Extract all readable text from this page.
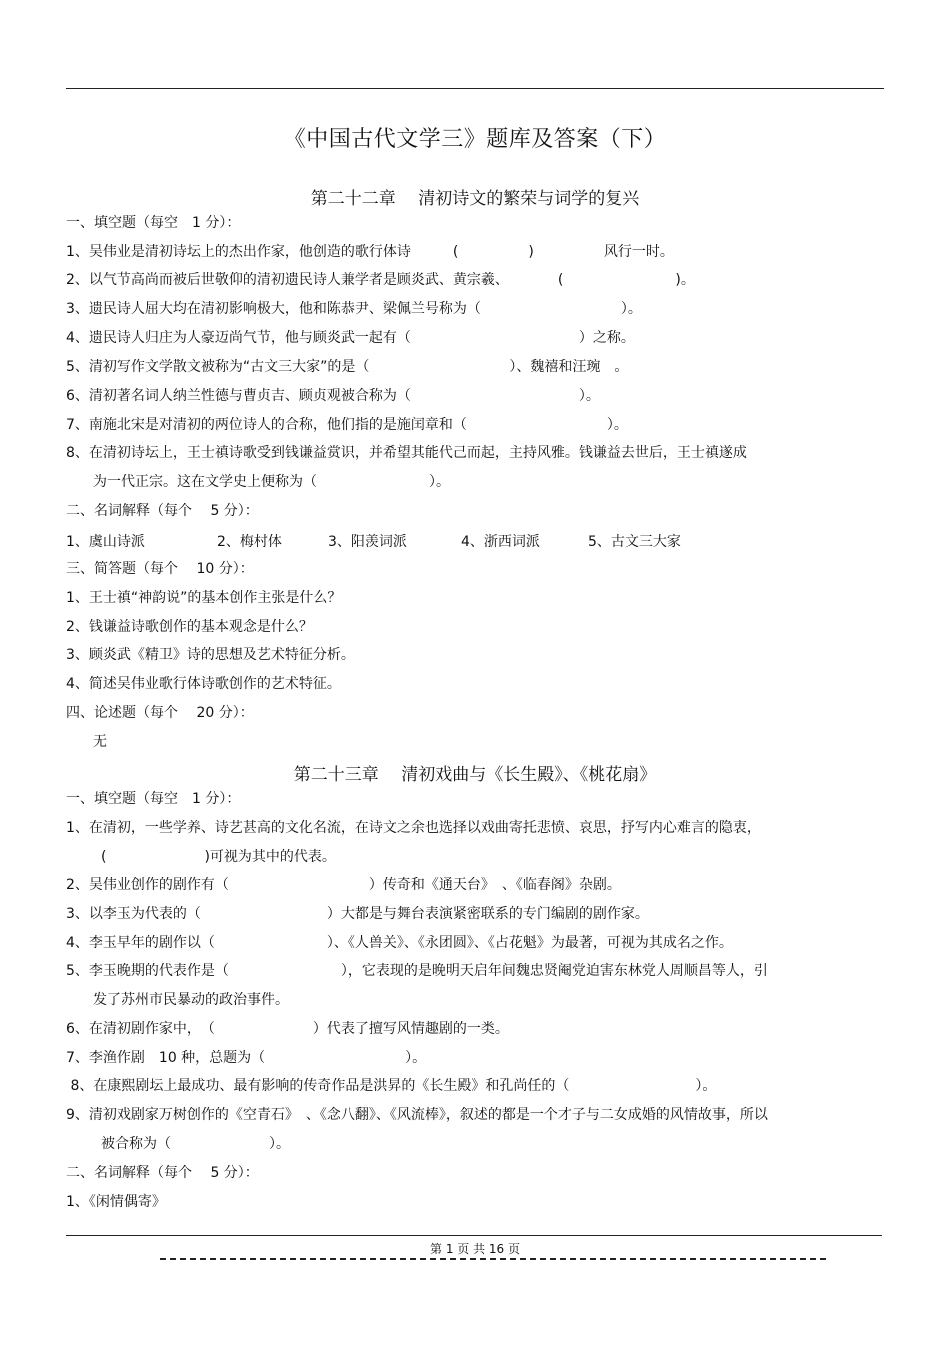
《中国古代文学三》题库及答案（下）
第二十二章　 清初诗文的繁荣与词学的复兴
一、填空题（每空　1 分）：
1、吴伟业是清初诗坛上的杰出作家，他创造的歌行体诗　　　(　　　　　)　　　　　风行一时。
2、以气节高尚而被后世敬仰的清初遗民诗人兼学者是顾炎武、黄宗羲、　　　　(　　　　　　　　)。
3、遗民诗人屈大均在清初影响极大，他和陈恭尹、梁佩兰号称为（　　　　　　　　　　）。
4、遗民诗人归庄为人豪迈尚气节，他与顾炎武一起有（　　　　　　　　　　　　）之称。
5、清初写作文学散文被称为“古文三大家”的是（　　　　　　　　　　）、魏禧和汪琬　。
6、清初著名词人纳兰性德与曹贞吉、顾贞观被合称为（　　　　　　　　　　　　）。
7、南施北宋是对清初的两位诗人的合称，他们指的是施闰章和（　　　　　　　　　　）。
8、在清初诗坛上，王士禛诗歌受到钱谦益赏识，并希望其能代己而起，主持风雅。钱谦益去世后，王士禛遂成
为一代正宗。这在文学史上便称为（　　　　　　　　）。
二、名词解释（每个　 5 分）：
1、虞山诗派	2、梅村体	3、阳羡词派	4、浙西词派	5、古文三大家
三、简答题（每个　 10 分）：
1、王士禛“神韵说”的基本创作主张是什么？
2、钱谦益诗歌创作的基本观念是什么？
3、顾炎武《精卫》诗的思想及艺术特征分析。
4、简述吴伟业歌行体诗歌创作的艺术特征。
四、论述题（每个　 20 分）：
无
第二十三章　 清初戏曲与《长生殿》、《桃花扇》
一、填空题（每空　1 分）：
1、在清初，一些学养、诗艺甚高的文化名流，在诗文之余也选择以戏曲寄托悲愤、哀思，抒写内心难言的隐衷，
(　　　　　　　)可视为其中的代表。
2、吴伟业创作的剧作有（　　　　　　　　　　）传奇和《通天台》　、《临春阁》杂剧。
3、以李玉为代表的（　　　　　　　　　）大都是与舞台表演紧密联系的专门编剧的剧作家。
4、李玉早年的剧作以（　　　　　　　　）、《人兽关》、《永团圆》、《占花魁》为最著，可视为其成名之作。
5、李玉晚期的代表作是（　　　　　　　　），它表现的是晚明天启年间魏忠贤阉党迫害东林党人周顺昌等人，引
发了苏州市民暴动的政治事件。
6、在清初剧作家中，　（　　　　　　　）代表了擅写风情趣剧的一类。
7、李渔作剧　10 种，总题为（　　　　　　　　　　）。
8、在康熙剧坛上最成功、最有影响的传奇作品是洪昇的《长生殿》和孔尚任的（　　　　　　　　　）。
9、清初戏剧家万树创作的《空青石》　、《念八翻》、《风流棒》，叙述的都是一个才子与二女成婚的风情故事，所以
被合称为（　　　　　　　）。
二、名词解释（每个　 5 分）：
1、《闲情偶寄》
第 1 页 共 16 页
